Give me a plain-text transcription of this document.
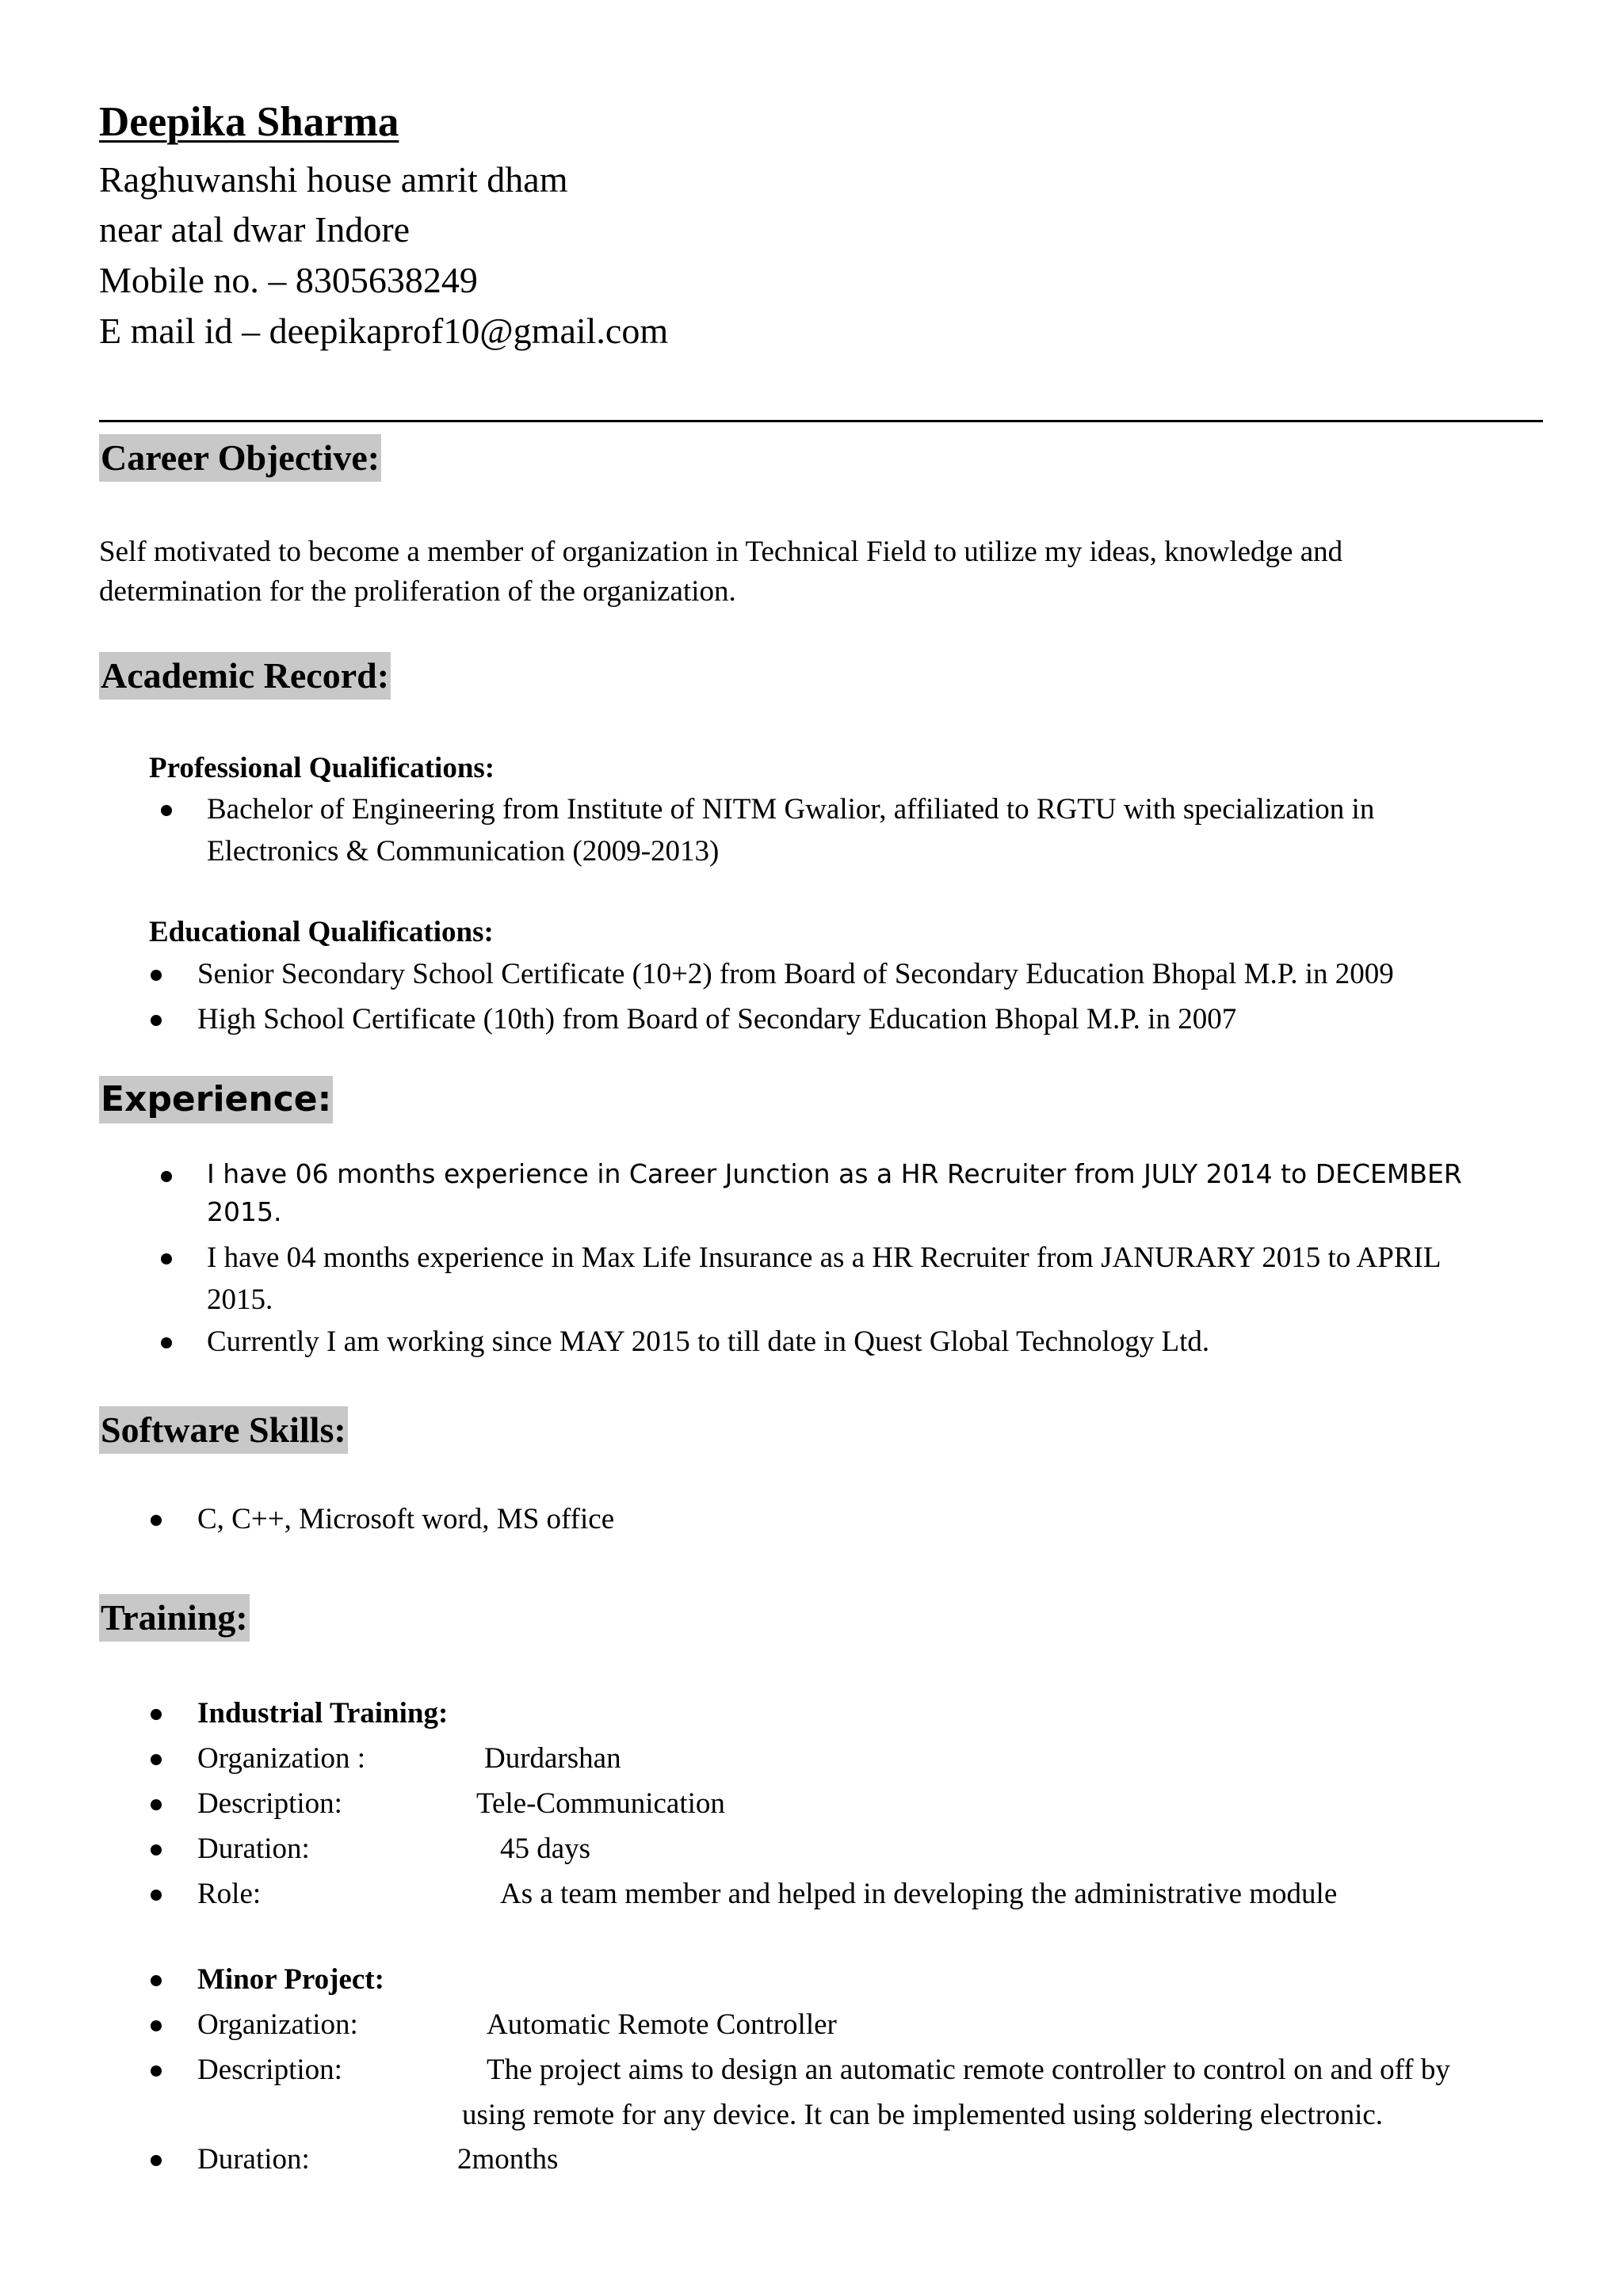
Deepika Sharma
Raghuwanshi house amrit dham
near atal dwar Indore
Mobile no. – 8305638249
E mail id – deepikaprof10@gmail.com
Career Objective:
Self motivated to become a member of organization in Technical Field to utilize my ideas, knowledge and
determination for the proliferation of the organization.
Academic Record:
Professional Qualifications:
Bachelor of Engineering from Institute of NITM Gwalior, affiliated to RGTU with specialization in
Electronics & Communication (2009-2013)
Educational Qualifications:
Senior Secondary School Certificate (10+2) from Board of Secondary Education Bhopal M.P. in 2009
High School Certificate (10th) from Board of Secondary Education Bhopal M.P. in 2007
Experience:
I have 06 months experience in Career Junction as a HR Recruiter from JULY 2014 to DECEMBER
2015.
I have 04 months experience in Max Life Insurance as a HR Recruiter from JANURARY 2015 to APRIL
2015.
Currently I am working since MAY 2015 to till date in Quest Global Technology Ltd.
Software Skills:
C, C++, Microsoft word, MS office
Training:
Industrial Training:
Organization :	Durdarshan
Description:	Tele-Communication
Duration:	45 days
Role:	As a team member and helped in developing the administrative module
Minor Project:
Organization:	Automatic Remote Controller
Description:	The project aims to design an automatic remote controller to control on and off by
using remote for any device. It can be implemented using soldering electronic.
Duration:	2months
